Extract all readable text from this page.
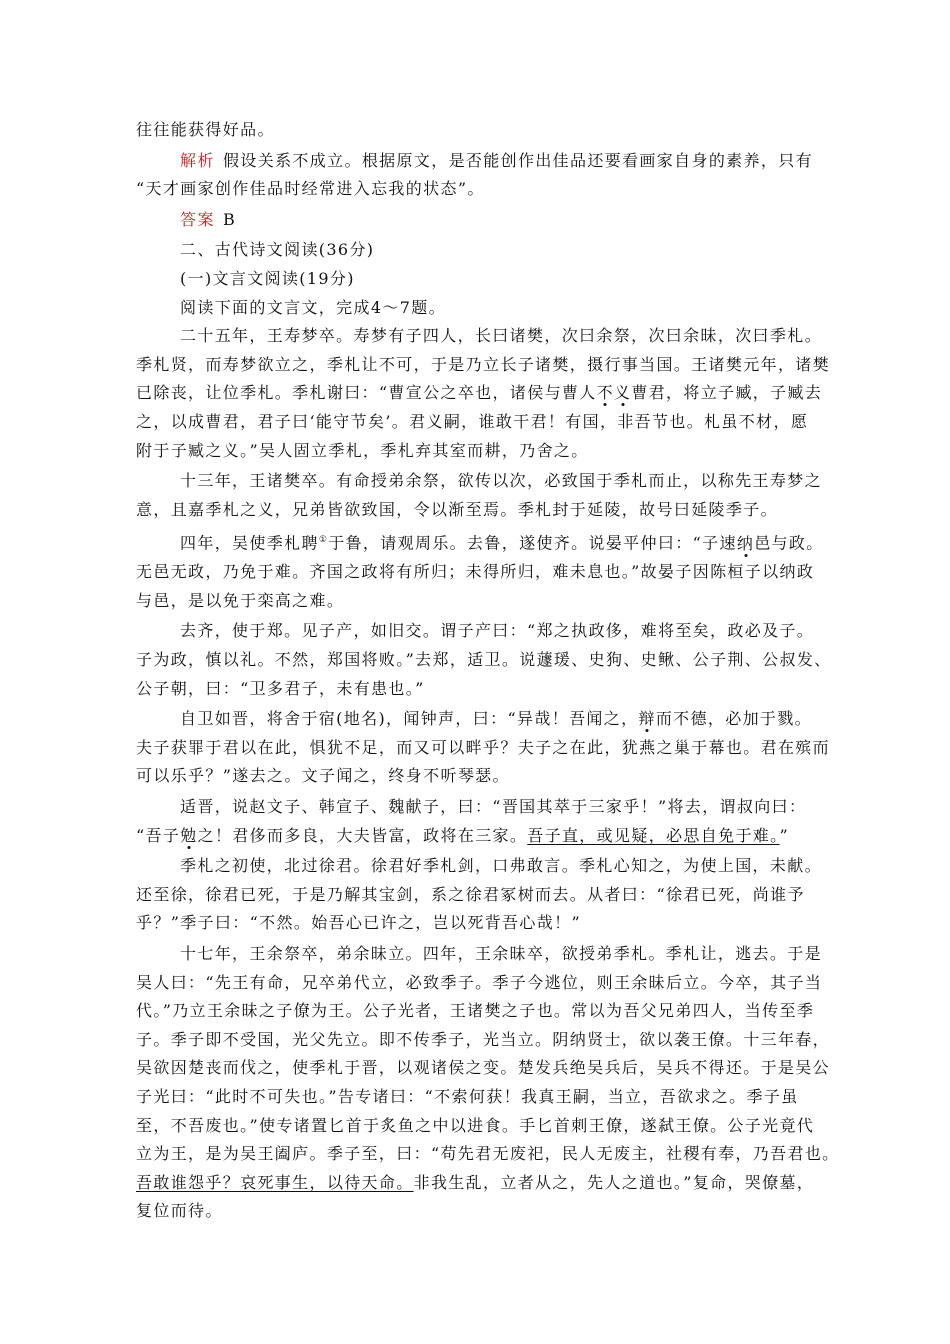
往往能获得好品。

解析 假设关系不成立。根据原文，是否能创作出佳品还要看画家自身的素养，只有

“天才画家创作佳品时经常进入忘我的状态”。

答案 B

二、古代诗文阅读(36分)

(一)文言文阅读(19分)

阅读下面的文言文，完成4～7题。

二十五年，王寿梦卒。寿梦有子四人，长曰诸樊，次曰余祭，次曰余昧，次曰季札。

季札贤，而寿梦欲立之，季札让不可，于是乃立长子诸樊，摄行事当国。王诸樊元年，诸樊

已除丧，让位季札。季札谢曰：“曹宣公之卒也，诸侯与曹人不义曹君，将立子臧，子臧去

之，以成曹君，君子曰‘能守节矣’。君义嗣，谁敢干君！有国，非吾节也。札虽不材，愿

附于子臧之义。”吴人固立季札，季札弃其室而耕，乃舍之。

十三年，王诸樊卒。有命授弟余祭，欲传以次，必致国于季札而止，以称先王寿梦之

意，且嘉季札之义，兄弟皆欲致国，令以渐至焉。季札封于延陵，故号曰延陵季子。

四年，吴使季札聘①于鲁，请观周乐。去鲁，遂使齐。说晏平仲曰：“子速纳邑与政。

无邑无政，乃免于难。齐国之政将有所归；未得所归，难未息也。”故晏子因陈桓子以纳政

与邑，是以免于栾高之难。

去齐，使于郑。见子产，如旧交。谓子产曰：“郑之执政侈，难将至矣，政必及子。

子为政，慎以礼。不然，郑国将败。”去郑，适卫。说蘧瑗、史狗、史鳅、公子荆、公叔发、

公子朝，曰：“卫多君子，未有患也。”

自卫如晋，将舍于宿(地名)，闻钟声，曰：“异哉！吾闻之，辩而不德，必加于戮。

夫子获罪于君以在此，惧犹不足，而又可以畔乎？夫子之在此，犹燕之巢于幕也。君在殡而

可以乐乎？”遂去之。文子闻之，终身不听琴瑟。

适晋，说赵文子、韩宣子、魏献子，曰：“晋国其萃于三家乎！”将去，谓叔向曰：

“吾子勉之！君侈而多良，大夫皆富，政将在三家。吾子直，或见疑，必思自免于难。”

季札之初使，北过徐君。徐君好季札剑，口弗敢言。季札心知之，为使上国，未献。

还至徐，徐君已死，于是乃解其宝剑，系之徐君冢树而去。从者曰：“徐君已死，尚谁予

乎？”季子曰：“不然。始吾心已许之，岂以死背吾心哉！”

十七年，王余祭卒，弟余昧立。四年，王余昧卒，欲授弟季札。季札让，逃去。于是

吴人曰：“先王有命，兄卒弟代立，必致季子。季子今逃位，则王余昧后立。今卒，其子当

代。”乃立王余昧之子僚为王。公子光者，王诸樊之子也。常以为吾父兄弟四人，当传至季

子。季子即不受国，光父先立。即不传季子，光当立。阴纳贤士，欲以袭王僚。十三年春，

吴欲因楚丧而伐之，使季札于晋，以观诸侯之变。楚发兵绝吴兵后，吴兵不得还。于是吴公

子光曰：“此时不可失也。”告专诸曰：“不索何获！我真王嗣，当立，吾欲求之。季子虽

至，不吾废也。”使专诸置匕首于炙鱼之中以进食。手匕首刺王僚，遂弑王僚。公子光竟代

立为王，是为吴王阖庐。季子至，曰：“苟先君无废祀，民人无废主，社稷有奉，乃吾君也。

吾敢谁怨乎？哀死事生，以待天命。非我生乱，立者从之，先人之道也。”复命，哭僚墓，

复位而待。
